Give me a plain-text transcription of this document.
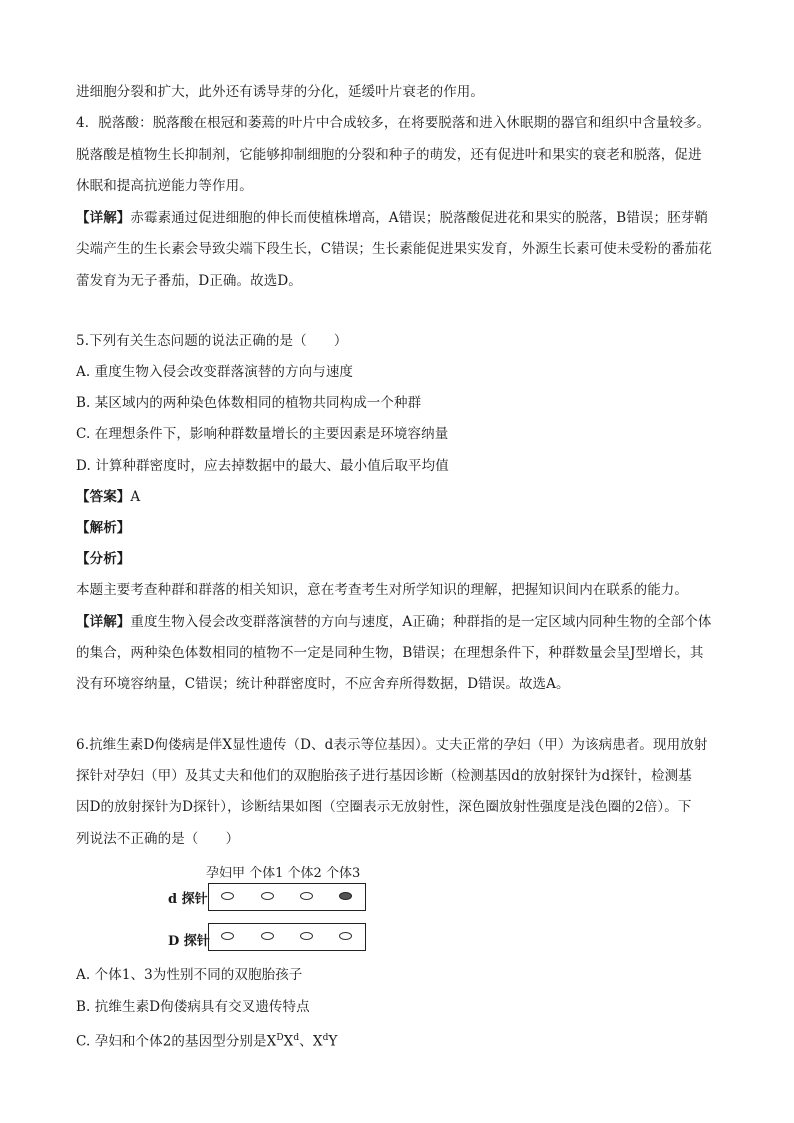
进细胞分裂和扩大，此外还有诱导芽的分化，延缓叶片衰老的作用。
4．脱落酸：脱落酸在根冠和萎蔫的叶片中合成较多，在将要脱落和进入休眠期的器官和组织中含量较多。
脱落酸是植物生长抑制剂，它能够抑制细胞的分裂和种子的萌发，还有促进叶和果实的衰老和脱落，促进
休眠和提高抗逆能力等作用。
【详解】赤霉素通过促进细胞的伸长而使植株增高，A错误；脱落酸促进花和果实的脱落，B错误；胚芽鞘
尖端产生的生长素会导致尖端下段生长，C错误；生长素能促进果实发育，外源生长素可使未受粉的番茄花
蕾发育为无子番茄，D正确。故选D。
5.下列有关生态问题的说法正确的是（　　）
A. 重度生物入侵会改变群落演替的方向与速度
B. 某区域内的两种染色体数相同的植物共同构成一个种群
C. 在理想条件下，影响种群数量增长的主要因素是环境容纳量
D. 计算种群密度时，应去掉数据中的最大、最小值后取平均值
【答案】A
【解析】
【分析】
本题主要考查种群和群落的相关知识，意在考查考生对所学知识的理解，把握知识间内在联系的能力。
【详解】重度生物入侵会改变群落演替的方向与速度，A正确；种群指的是一定区域内同种生物的全部个体
的集合，两种染色体数相同的植物不一定是同种生物，B错误；在理想条件下，种群数量会呈J型增长，其
没有环境容纳量，C错误；统计种群密度时，不应舍弃所得数据，D错误。故选A。
6.抗维生素D佝偻病是伴X显性遗传（D、d表示等位基因）。丈夫正常的孕妇（甲）为该病患者。现用放射
探针对孕妇（甲）及其丈夫和他们的双胞胎孩子进行基因诊断（检测基因d的放射探针为d探针，检测基
因D的放射探针为D探针），诊断结果如图（空圈表示无放射性，深色圈放射性强度是浅色圈的2倍）。下
列说法不正确的是（　　）
孕妇甲 个体1 个体2 个体3
d 探针
D 探针
A. 个体1、3为性别不同的双胞胎孩子
B. 抗维生素D佝偻病具有交叉遗传特点
C. 孕妇和个体2的基因型分别是$X^DX^d$、$X^dY$
